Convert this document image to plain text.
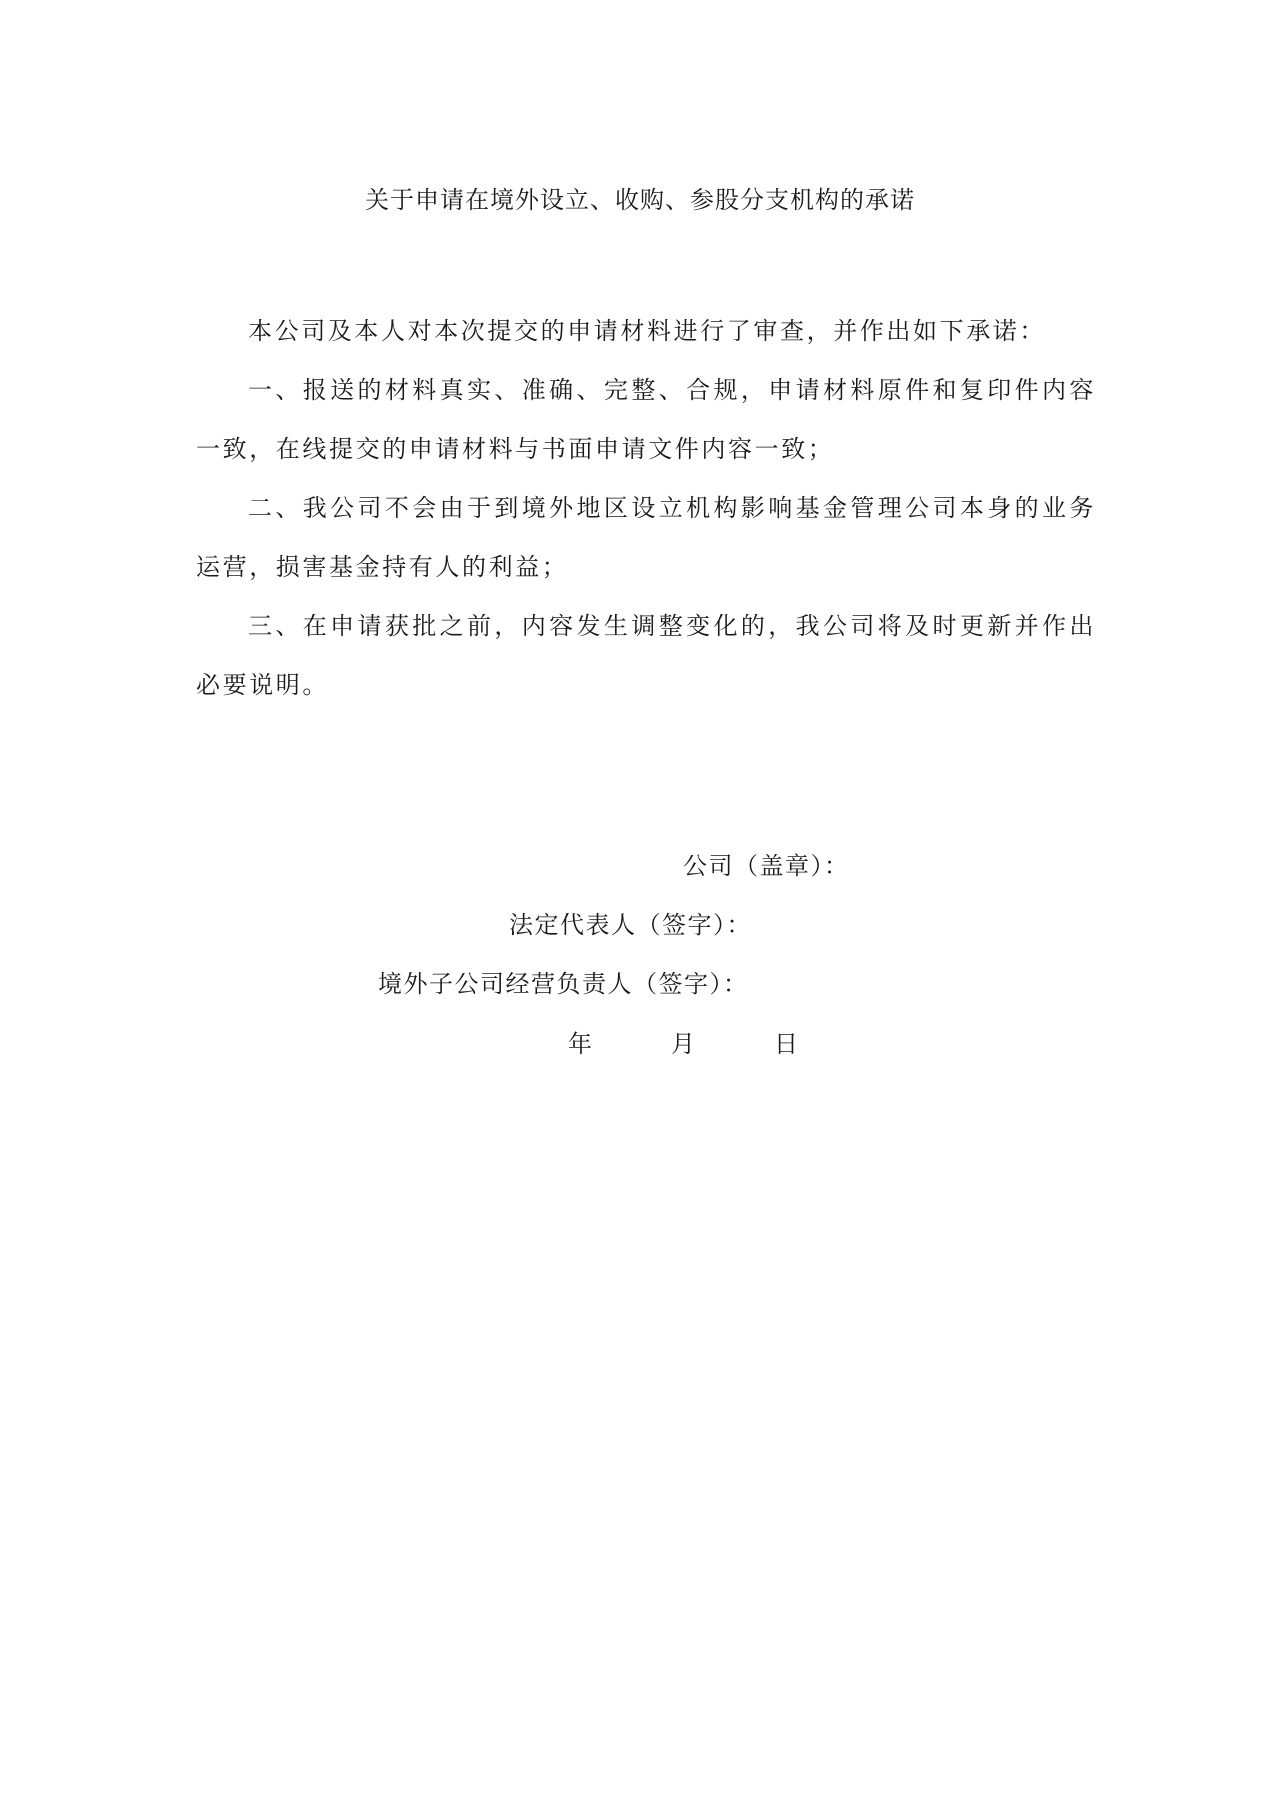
关于申请在境外设立、收购、参股分支机构的承诺

本公司及本人对本次提交的申请材料进行了审查，并作出如下承诺：

一、报送的材料真实、准确、完整、合规，申请材料原件和复印件内容一致，在线提交的申请材料与书面申请文件内容一致；

二、我公司不会由于到境外地区设立机构影响基金管理公司本身的业务运营，损害基金持有人的利益；

三、在申请获批之前，内容发生调整变化的，我公司将及时更新并作出必要说明。

公司（盖章）：
法定代表人（签字）：
境外子公司经营负责人（签字）：
年	月	日
